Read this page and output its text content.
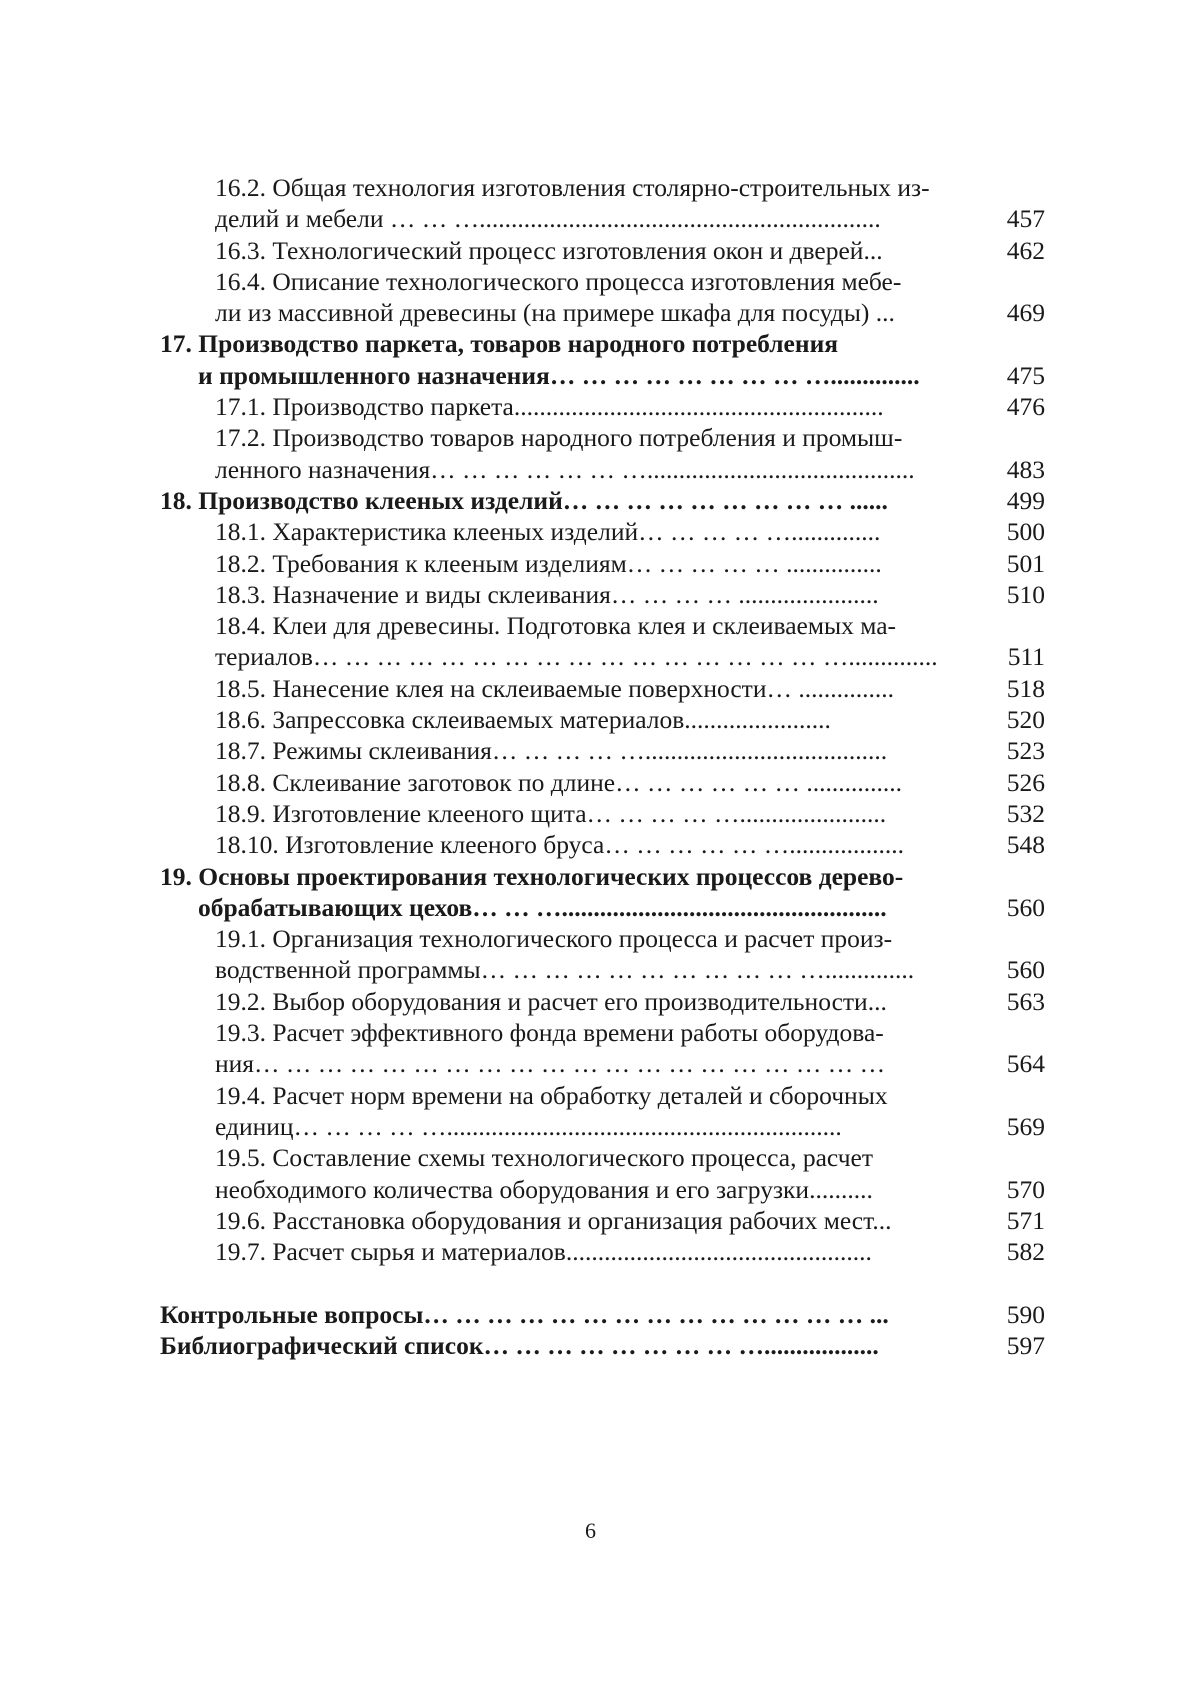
16.2. Общая технология изготовления столярно-строительных из-
делий и мебели … … …...............................................................	457
16.3. Технологический процесс изготовления окон и дверей...	462
16.4. Описание технологического процесса изготовления мебе-
ли из массивной древесины (на примере шкафа для посуды) ...	469
17. Производство паркета, товаров народного потребления
и промышленного назначения… … … … … … … … …..............	475
17.1. Производство паркета..........................................................	476
17.2. Производство товаров народного потребления и промыш-
ленного назначения… … … … … … …..........................................	483
18. Производство клееных изделий… … … … … … … … … ......	499
18.1. Характеристика клееных изделий… … … … …..............	500
18.2. Требования к клееным изделиям… … … … … ...............	501
18.3. Назначение и виды склеивания… … … … ......................	510
18.4. Клеи для древесины. Подготовка клея и склеиваемых ма-
териалов… … … … … … … … … … … … … … … … …..............	511
18.5. Нанесение клея на склеиваемые поверхности… ...............	518
18.6. Запрессовка склеиваемых материалов.......................	520
18.7. Режимы склеивания… … … … …......................................	523
18.8. Склеивание заготовок по длине… … … … … … ...............	526
18.9. Изготовление клееного щита… … … … ….......................	532
18.10. Изготовление клееного бруса… … … … … …..................	548
19. Основы проектирования технологических процессов дерево-
обрабатывающих цехов… … …...................................................	560
19.1. Организация технологического процесса и расчет произ-
водственной программы… … … … … … … … … … …..............	560
19.2. Выбор оборудования и расчет его производительности...	563
19.3. Расчет эффективного фонда времени работы оборудова-
ния… … … … … … … … … … … … … … … … … … … …	564
19.4. Расчет норм времени на обработку деталей и сборочных
единиц… … … … …..............................................................	569
19.5. Составление схемы технологического процесса, расчет
необходимого количества оборудования и его загрузки..........	570
19.6. Расстановка оборудования и организация рабочих мест...	571
19.7. Расчет сырья и материалов................................................	582
Контрольные вопросы… … … … … … … … … … … … … … ...	590
Библиографический список… … … … … … … … …..................	597
6
